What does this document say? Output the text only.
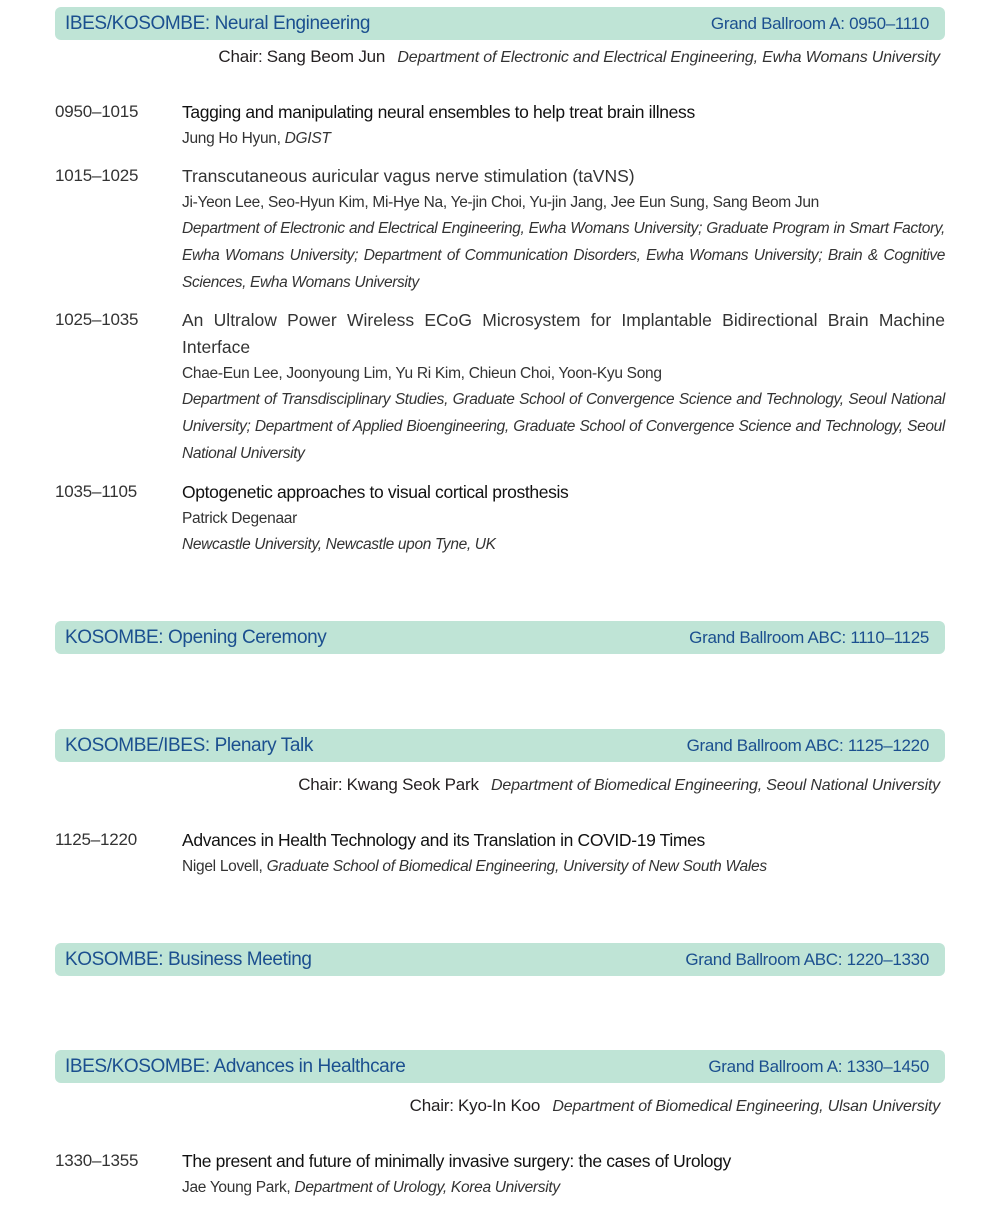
IBES/KOSOMBE: Neural Engineering	Grand Ballroom A: 0950–1110
Chair: Sang Beom Jun Department of Electronic and Electrical Engineering, Ewha Womans University
0950–1015 Tagging and manipulating neural ensembles to help treat brain illness
Jung Ho Hyun, DGIST
1015–1025 Transcutaneous auricular vagus nerve stimulation (taVNS)
Ji-Yeon Lee, Seo-Hyun Kim, Mi-Hye Na, Ye-jin Choi, Yu-jin Jang, Jee Eun Sung, Sang Beom Jun
Department of Electronic and Electrical Engineering, Ewha Womans University; Graduate Program in Smart Factory, Ewha Womans University; Department of Communication Disorders, Ewha Womans University; Brain & Cognitive Sciences, Ewha Womans University
1025–1035 An Ultralow Power Wireless ECoG Microsystem for Implantable Bidirectional Brain Machine Interface
Chae-Eun Lee, Joonyoung Lim, Yu Ri Kim, Chieun Choi, Yoon-Kyu Song
Department of Transdisciplinary Studies, Graduate School of Convergence Science and Technology, Seoul National University; Department of Applied Bioengineering, Graduate School of Convergence Science and Technology, Seoul National University
1035–1105	Optogenetic approaches to visual cortical prosthesis
Patrick Degenaar
Newcastle University, Newcastle upon Tyne, UK
KOSOMBE: Opening Ceremony	Grand Ballroom ABC: 1110–1125
KOSOMBE/IBES: Plenary Talk	Grand Ballroom ABC: 1125–1220
Chair: Kwang Seok Park Department of Biomedical Engineering, Seoul National University
1125–1220	Advances in Health Technology and its Translation in COVID-19 Times
Nigel Lovell, Graduate School of Biomedical Engineering, University of New South Wales
KOSOMBE: Business Meeting	Grand Ballroom ABC: 1220–1330
IBES/KOSOMBE: Advances in Healthcare	Grand Ballroom A: 1330–1450
Chair: Kyo-In Koo Department of Biomedical Engineering, Ulsan University
1330–1355 The present and future of minimally invasive surgery: the cases of Urology
Jae Young Park, Department of Urology, Korea University
